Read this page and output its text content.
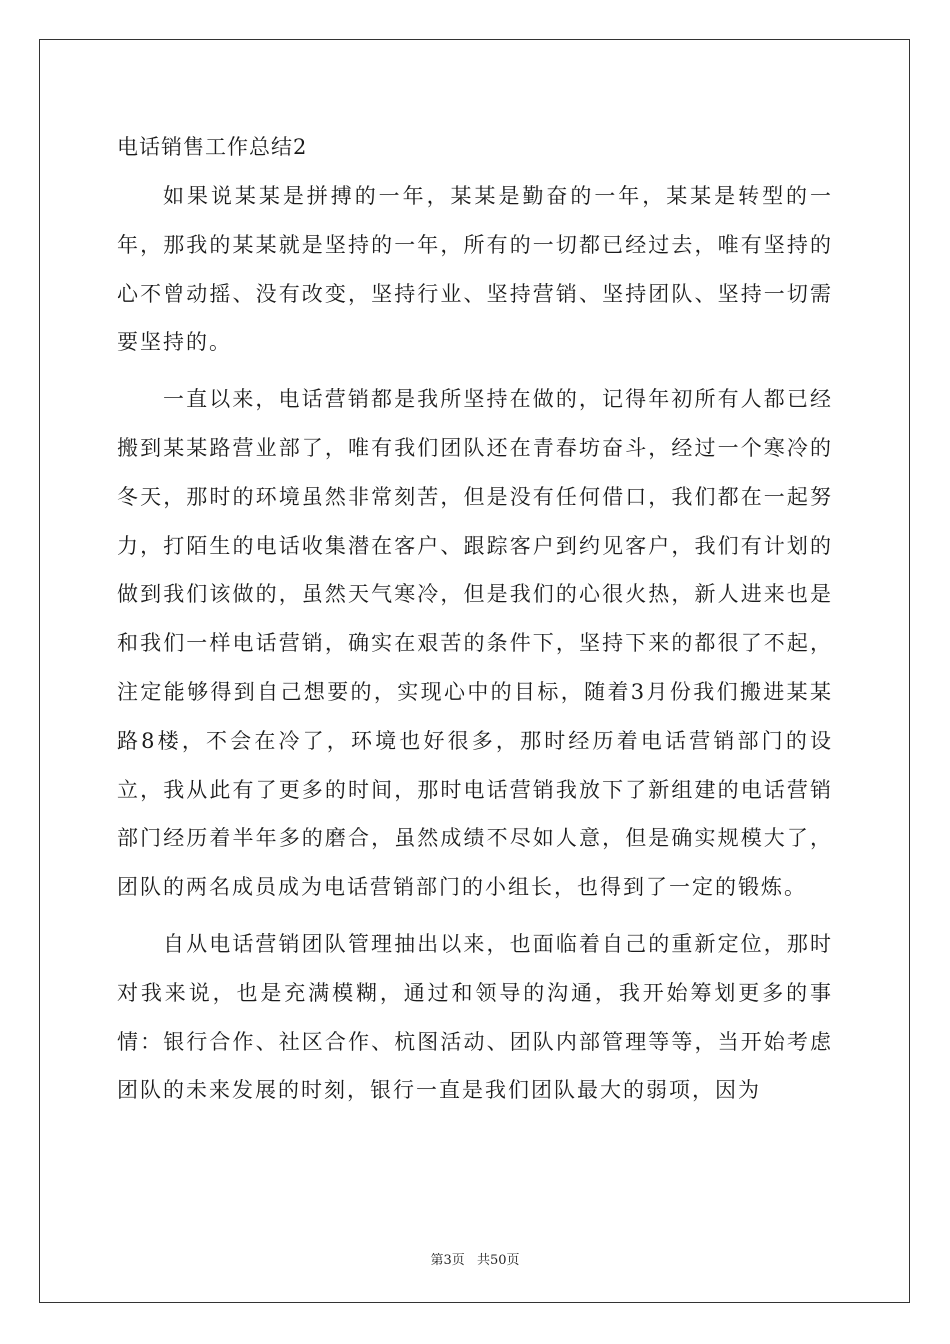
电话销售工作总结2

如果说某某是拼搏的一年，某某是勤奋的一年，某某是转型的一年，那我的某某就是坚持的一年，所有的一切都已经过去，唯有坚持的心不曾动摇、没有改变，坚持行业、坚持营销、坚持团队、坚持一切需要坚持的。

一直以来，电话营销都是我所坚持在做的，记得年初所有人都已经搬到某某路营业部了，唯有我们团队还在青春坊奋斗，经过一个寒冷的冬天，那时的环境虽然非常刻苦，但是没有任何借口，我们都在一起努力，打陌生的电话收集潜在客户、跟踪客户到约见客户，我们有计划的做到我们该做的，虽然天气寒冷，但是我们的心很火热，新人进来也是和我们一样电话营销，确实在艰苦的条件下，坚持下来的都很了不起，注定能够得到自己想要的，实现心中的目标，随着3月份我们搬进某某路8楼，不会在冷了，环境也好很多，那时经历着电话营销部门的设立，我从此有了更多的时间，那时电话营销我放下了新组建的电话营销部门经历着半年多的磨合，虽然成绩不尽如人意，但是确实规模大了，团队的两名成员成为电话营销部门的小组长，也得到了一定的锻炼。

自从电话营销团队管理抽出以来，也面临着自己的重新定位，那时对我来说，也是充满模糊，通过和领导的沟通，我开始筹划更多的事情：银行合作、社区合作、杭图活动、团队内部管理等等，当开始考虑团队的未来发展的时刻，银行一直是我们团队最大的弱项，因为

第3页 共50页
